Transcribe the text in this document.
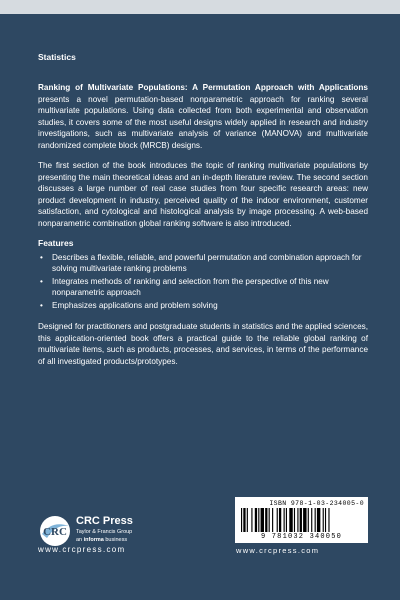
Statistics

Ranking of Multivariate Populations: A Permutation Approach with Applications presents a novel permutation-based nonparametric approach for ranking several multivariate populations. Using data collected from both experimental and observation studies, it covers some of the most useful designs widely applied in research and industry investigations, such as multivariate analysis of variance (MANOVA) and multivariate randomized complete block (MRCB) designs.

The first section of the book introduces the topic of ranking multivariate populations by presenting the main theoretical ideas and an in-depth literature review. The second section discusses a large number of real case studies from four specific research areas: new product development in industry, perceived quality of the indoor environment, customer satisfaction, and cytological and histological analysis by image processing. A web-based nonparametric combination global ranking software is also introduced.

Features
• Describes a flexible, reliable, and powerful permutation and combination approach for solving multivariate ranking problems
• Integrates methods of ranking and selection from the perspective of this new nonparametric approach
• Emphasizes applications and problem solving

Designed for practitioners and postgraduate students in statistics and the applied sciences, this application-oriented book offers a practical guide to the reliable global ranking of multivariate items, such as products, processes, and services, in terms of the performance of all investigated products/prototypes.

CRC
CRC Press
Taylor & Francis Group
an informa business
www.crcpress.com
ISBN 978-1-03-234005-0
9 781032 340050
www.crcpress.com
